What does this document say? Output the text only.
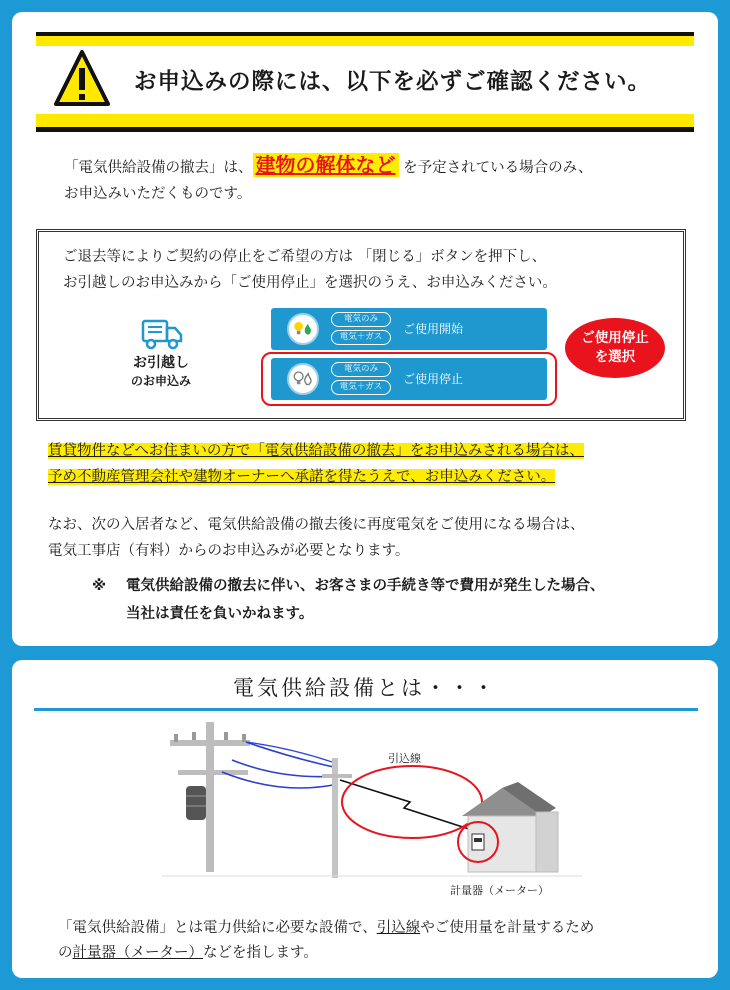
お申込みの際には、以下を必ずご確認ください。
「電気供給設備の撤去」は、 建物の解体など を予定されている場合のみ、
お申込みいただくものです。
ご退去等によりご契約の停止をご希望の方は 「閉じる」ボタンを押下し、
お引越しのお申込みから「ご使用停止」を選択のうえ、お申込みください。
お引越し
のお申込み
電気のみ
電気＋ガス
ご使用開始
電気のみ
電気＋ガス
ご使用停止
ご使用停止
を選択
賃貸物件などへお住まいの方で「電気供給設備の撤去」をお申込みされる場合は、
予め不動産管理会社や建物オーナーへ承諾を得たうえで、お申込みください。
なお、次の入居者など、電気供給設備の撤去後に再度電気をご使用になる場合は、
電気工事店（有料）からのお申込みが必要となります。
※ 電気供給設備の撤去に伴い、お客さまの手続き等で費用が発生した場合、
当社は責任を負いかねます。
電気供給設備とは・・・
引込線
計量器（メーター）
「電気供給設備」とは電力供給に必要な設備で、引込線やご使用量を計量するため
の計量器（メーター）などを指します。
